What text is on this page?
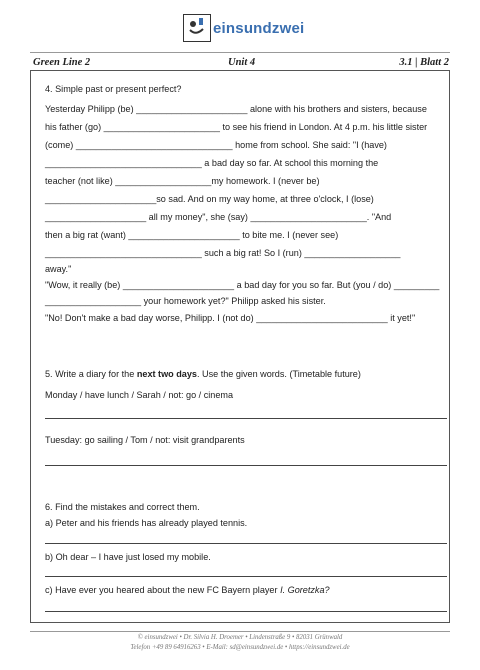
einsundzwei
Green Line 2	Unit 4	3.1 | Blatt 2
4. Simple past or present perfect?
Yesterday Philipp (be) ______________________ alone with his brothers and sisters, because
his father (go) _______________________ to see his friend in London. At 4 p.m. his little sister
(come) _______________________________ home from school. She said: "I (have)
_______________________________ a bad day so far. At school this morning the
teacher (not like) ___________________my homework. I (never be)
______________________so sad. And on my way home, at three o'clock, I (lose)
____________________ all my money", she (say) _______________________. "And
then a big rat (want) ______________________ to bite me. I (never see)
_______________________________ such a big rat! So I (run) ___________________
away."
"Wow, it really (be) ______________________ a bad day for you so far. But (you / do) _________
___________________ your homework yet?" Philipp asked his sister.
"No! Don't make a bad day worse, Philipp. I (not do) __________________________ it yet!"
5. Write a diary for the next two days. Use the given words. (Timetable future)
Monday / have lunch / Sarah / not: go / cinema
Tuesday: go sailing / Tom / not: visit grandparents
6. Find the mistakes and correct them.
a) Peter and his friends has already played tennis.
b) Oh dear – I have just losed my mobile.
c) Have ever you heared about the new FC Bayern player I. Goretzka?
© einsundzwei • Dr. Silvia H. Droemer • Lindenstraße 9 • 82031 Grünwald
Telefon +49 89 64916263 • E-Mail: sd@einsundzwei.de • https://einsundzwei.de
